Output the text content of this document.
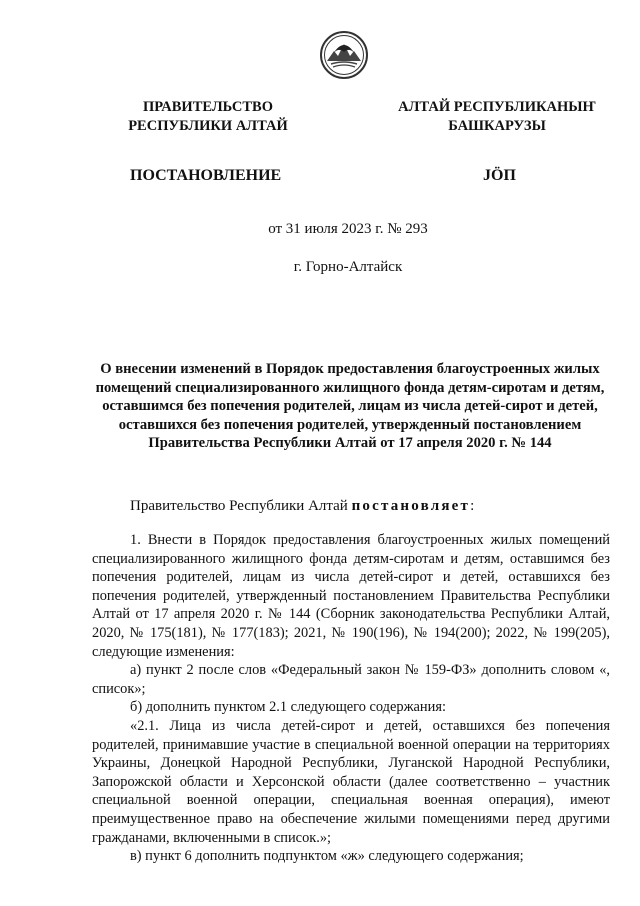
ПРАВИТЕЛЬСТВО
РЕСПУБЛИКИ АЛТАЙ
АЛТАЙ РЕСПУБЛИКАНЫҤ
БАШКАРУЗЫ
ПОСТАНОВЛЕНИЕ	JÖП
от 31 июля 2023 г. № 293
г. Горно-Алтайск
О внесении изменений в Порядок предоставления благоустроенных жилых помещений специализированного жилищного фонда детям-сиротам и детям, оставшимся без попечения родителей, лицам из числа детей-сирот и детей, оставшихся без попечения родителей, утвержденный постановлением Правительства Республики Алтай от 17 апреля 2020 г. № 144
Правительство Республики Алтай постановляет:

1. Внести в Порядок предоставления благоустроенных жилых помещений специализированного жилищного фонда детям-сиротам и детям, оставшимся без попечения родителей, лицам из числа детей-сирот и детей, оставшихся без попечения родителей, утвержденный постановлением Правительства Республики Алтай от 17 апреля 2020 г. № 144 (Сборник законодательства Республики Алтай, 2020, № 175(181), № 177(183); 2021, № 190(196), № 194(200); 2022, № 199(205), следующие изменения:

а) пункт 2 после слов «Федеральный закон № 159-ФЗ» дополнить словом «, список»;

б) дополнить пунктом 2.1 следующего содержания:

«2.1. Лица из числа детей-сирот и детей, оставшихся без попечения родителей, принимавшие участие в специальной военной операции на территориях Украины, Донецкой Народной Республики, Луганской Народной Республики, Запорожской области и Херсонской области (далее соответственно – участник специальной военной операции, специальная военная операция), имеют преимущественное право на обеспечение жилыми помещениями перед другими гражданами, включенными в список.»;

в) пункт 6 дополнить подпунктом «ж» следующего содержания;
